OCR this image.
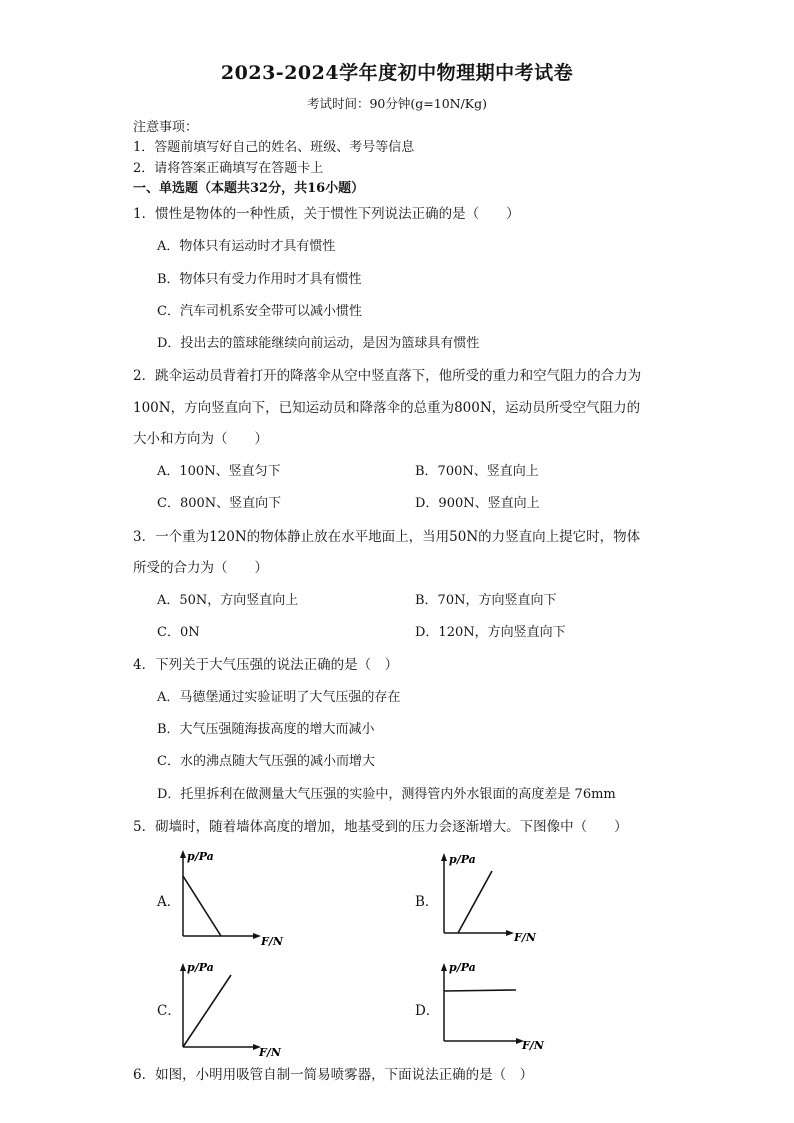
2023-2024学年度初中物理期中考试卷
考试时间：90分钟(g=10N/Kg)
注意事项：
1．答题前填写好自己的姓名、班级、考号等信息
2．请将答案正确填写在答题卡上
一、单选题（本题共32分，共16小题）
1．惯性是物体的一种性质，关于惯性下列说法正确的是（　　）
A．物体只有运动时才具有惯性
B．物体只有受力作用时才具有惯性
C．汽车司机系安全带可以减小惯性
D．投出去的篮球能继续向前运动，是因为篮球具有惯性
2．跳伞运动员背着打开的降落伞从空中竖直落下，他所受的重力和空气阻力的合力为
100N，方向竖直向下，已知运动员和降落伞的总重为800N，运动员所受空气阻力的
大小和方向为（　　）
A．100N、竖直匀下	B．700N、竖直向上
C．800N、竖直向下	D．900N、竖直向上
3．一个重为120N的物体静止放在水平地面上，当用50N的力竖直向上提它时，物体
所受的合力为（　　）
A．50N，方向竖直向上	B．70N，方向竖直向下
C．0N	D．120N，方向竖直向下
4．下列关于大气压强的说法正确的是（　）
A．马德堡通过实验证明了大气压强的存在
B．大气压强随海拔高度的增大而减小
C．水的沸点随大气压强的减小而增大
D．托里拆利在做测量大气压强的实验中，测得管内外水银面的高度差是 76mm
5．砌墙时，随着墙体高度的增加，地基受到的压力会逐渐增大。下图像中（　　）
A．
p/Pa
F/N
B．
p/Pa
F/N
C．
p/Pa
F/N
D．
p/Pa
F/N
6．如图，小明用吸管自制一简易喷雾器，下面说法正确的是（　）
